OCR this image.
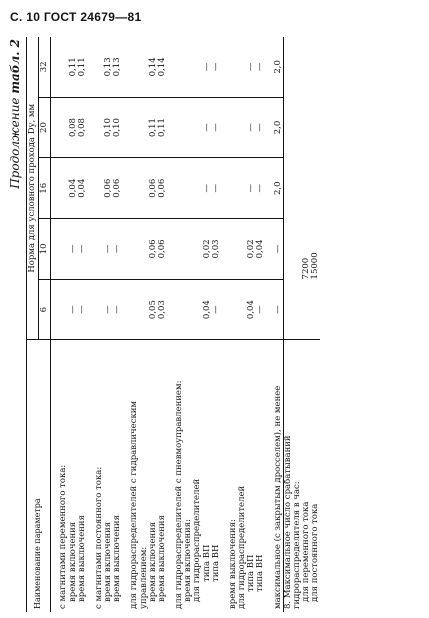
С. 10 ГОСТ 24679—81
Продолжение табл. 2
Наименование параметра	Норма для условного прохода Dу, мм				
	6	10	16	20	32

с магнитами переменного тока:					
время включения	—	—	0,04	0,08	0,11
время выключения	—	—	0,04	0,08	0,11

с магнитами постоянного тока:					
время включения	—	—	0,06	0,10	0,13
время выключения	—	—	0,06	0,10	0,13

для гидрораспределителей с гидравлическим управлением:					
время включения	0,05	0,06	0,06	0,11	0,14
время выключения	0,03	0,06	0,06	0,11	0,14

для гидрораспределителей с пневмоуправлением:					
время включения:					
для гидрораспределителей					
типа ВП	0,04	0,02	—	—	—
типа ВН	—	0,03	—	—	—

время выключения:					
для гидрораспределителей					
типа ВП	0,04	0,02	—	—	—
типа ВН	—	0,04	—	—	—

максимальное (с закрытым дросселем), не менее	—	—	2,0	2,0	2,0
8. Максимальное число срабатываний гидрораспределителя в час:					
для переменного тока	7200				
для постоянного тока	15000				
